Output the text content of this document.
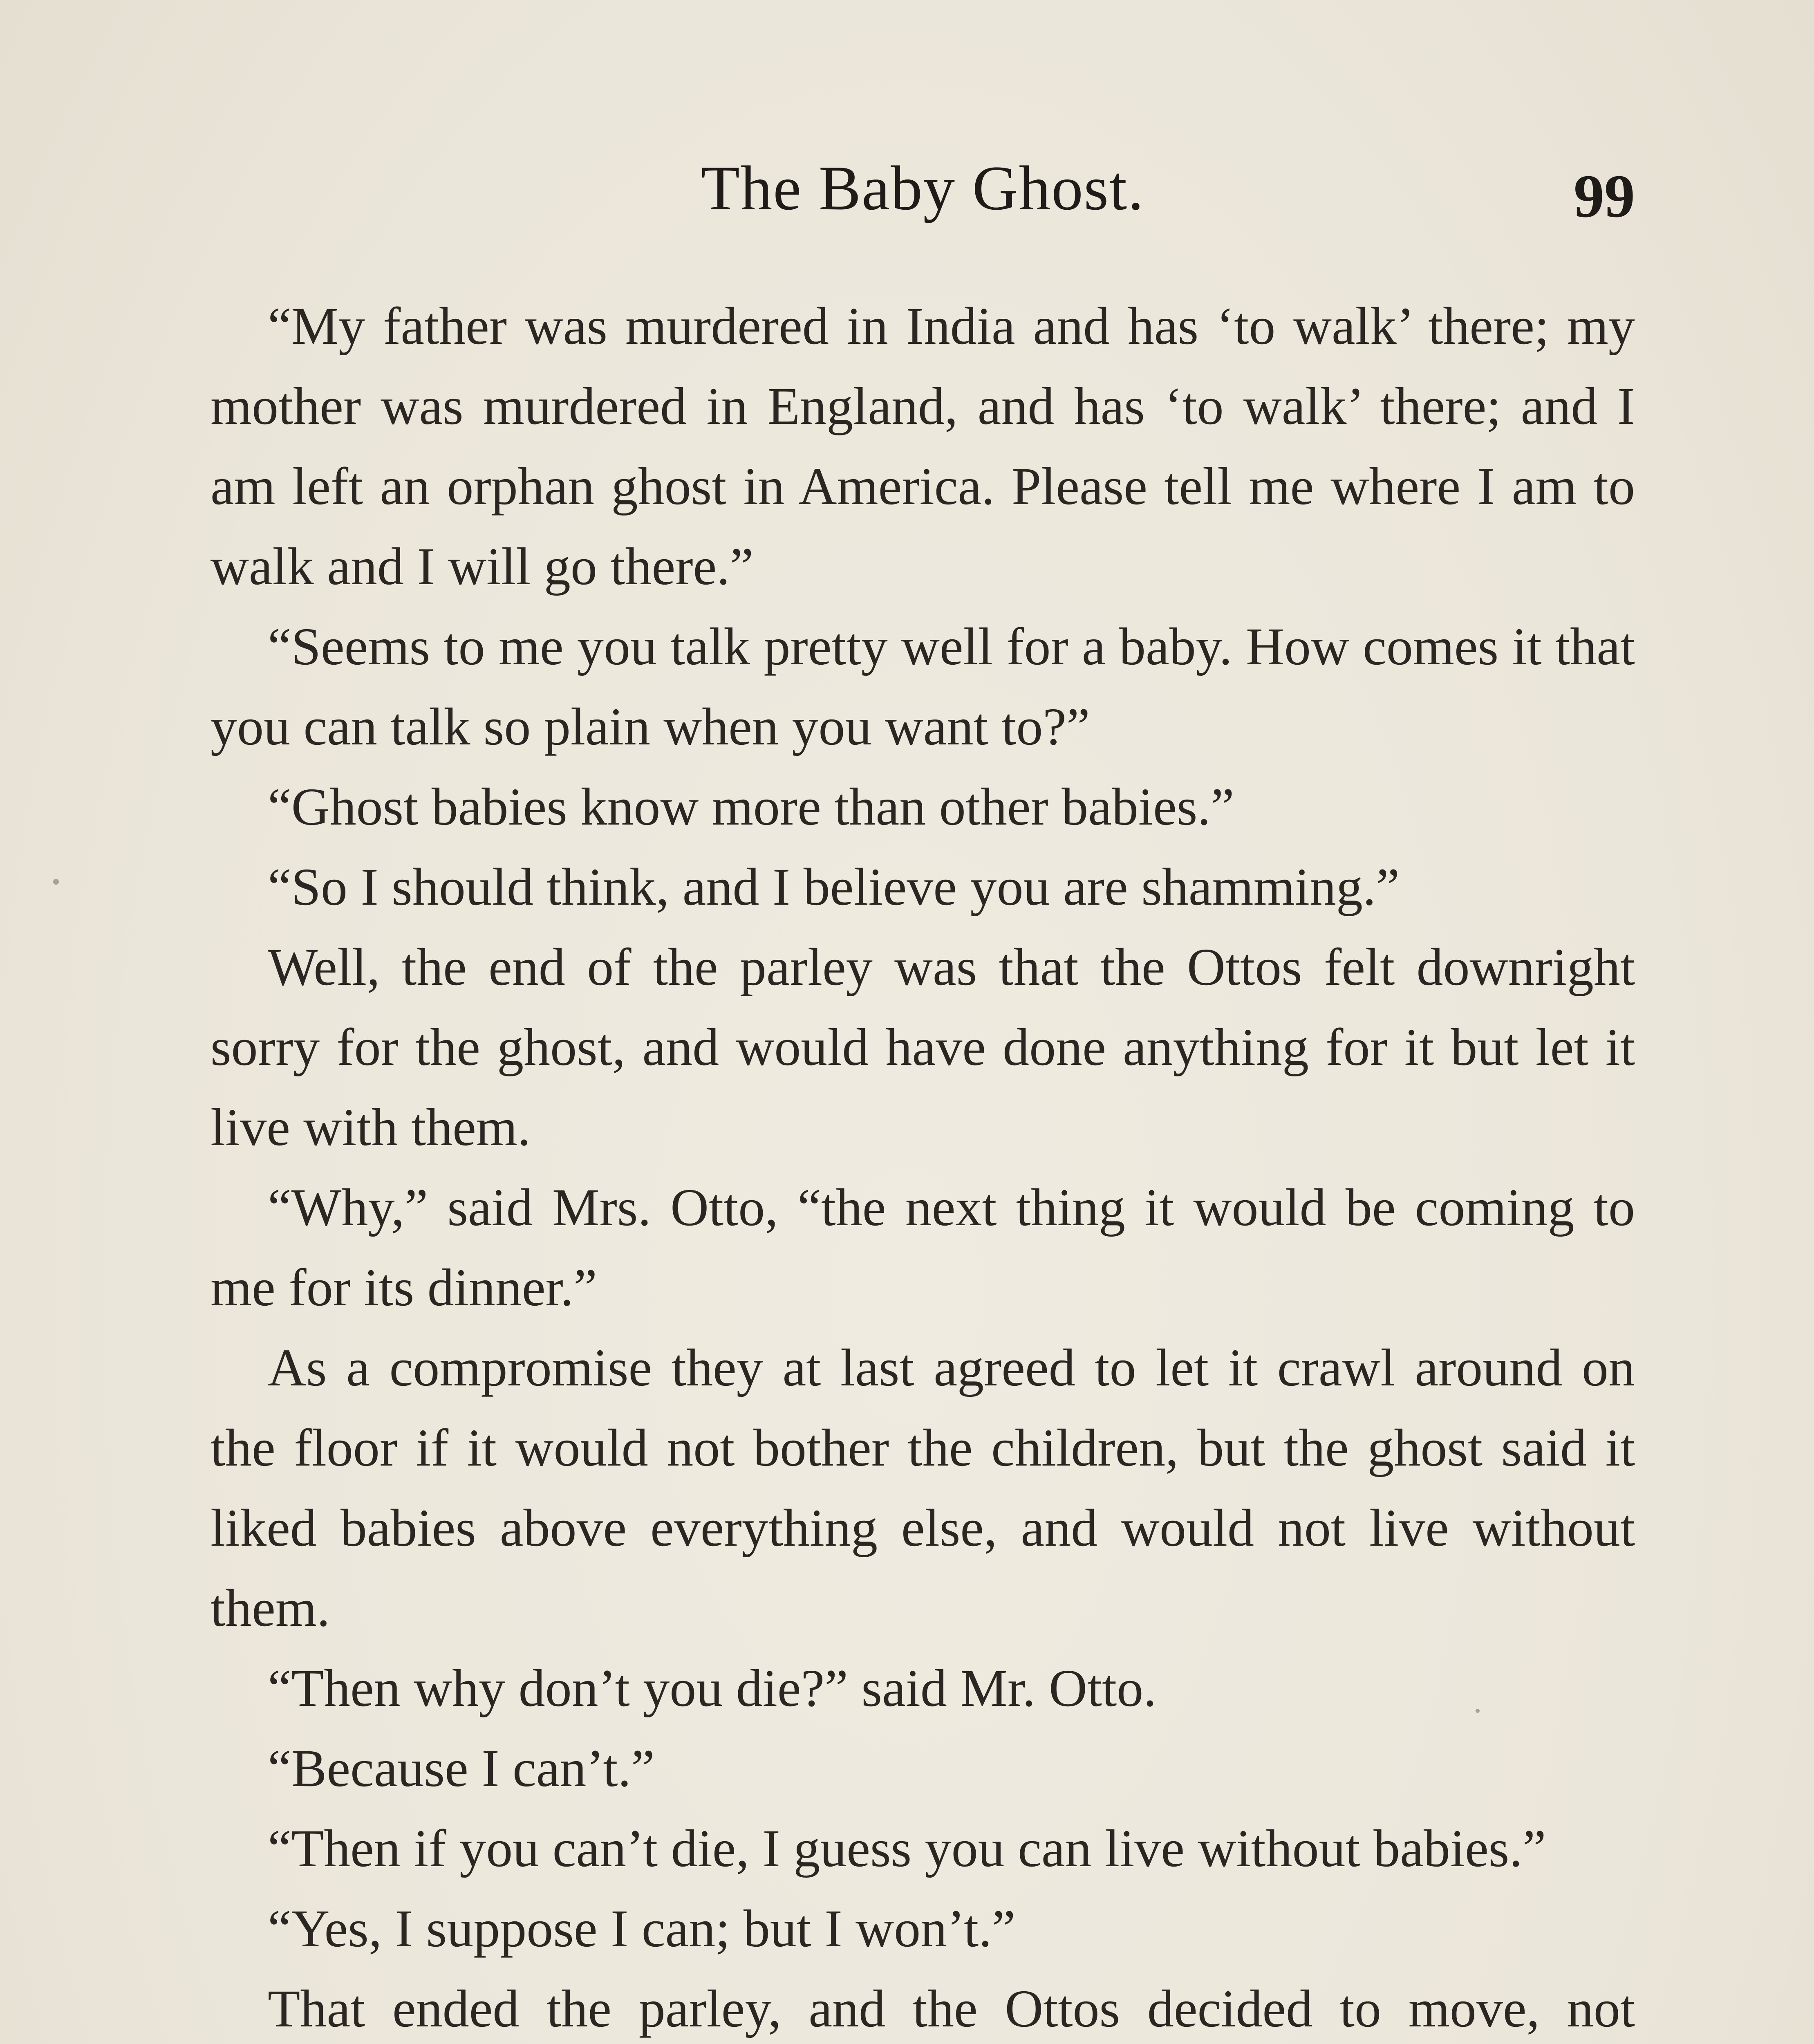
The Baby Ghost.	99

“My father was murdered in India and has ‘to walk’ there; my mother was murdered in England, and has ‘to walk’ there; and I am left an orphan ghost in America. Please tell me where I am to walk and I will go there.”

“Seems to me you talk pretty well for a baby. How comes it that you can talk so plain when you want to?”

“Ghost babies know more than other babies.”

“So I should think, and I believe you are shamming.”

Well, the end of the parley was that the Ottos felt downright sorry for the ghost, and would have done anything for it but let it live with them.

“Why,” said Mrs. Otto, “the next thing it would be coming to me for its dinner.”

As a compromise they at last agreed to let it crawl around on the floor if it would not bother the children, but the ghost said it liked babies above everything else, and would not live without them.

“Then why don’t you die?” said Mr. Otto.

“Because I can’t.”

“Then if you can’t die, I guess you can live without babies.”

“Yes, I suppose I can; but I won’t.”

That ended the parley, and the Ottos decided to move, not
